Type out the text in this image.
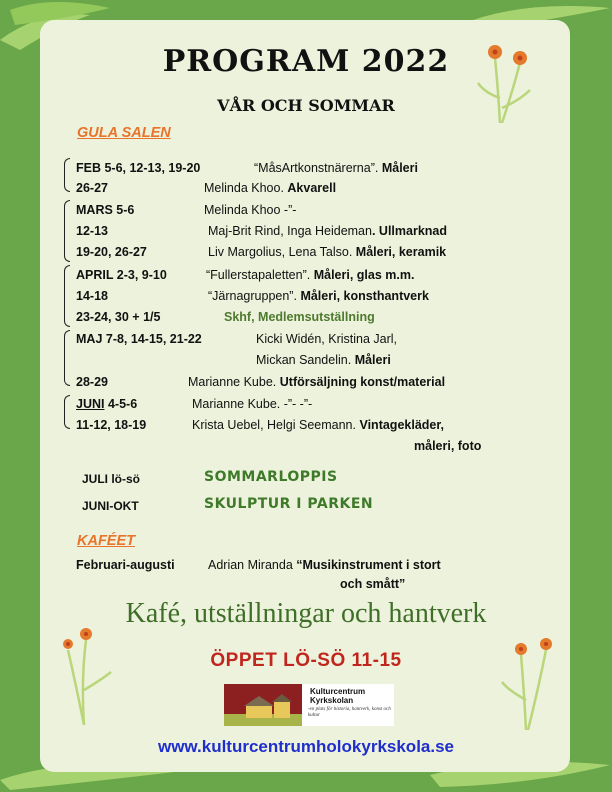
PROGRAM 2022
VÅR OCH SOMMAR
GULA SALEN
FEB 5-6, 12-13, 19-20	“MåsArtkonstnärerna”. Måleri
26-27	Melinda Khoo. Akvarell
MARS 5-6	Melinda Khoo -”-
12-13	Maj-Brit Rind, Inga Heideman. Ullmarknad
19-20, 26-27	Liv Margolius, Lena Talso. Måleri, keramik
APRIL 2-3, 9-10	“Fullerstapaletten”. Måleri, glas m.m.
14-18	“Järnagruppen”. Måleri, konsthantverk
23-24, 30 + 1/5	Skhf, Medlemsutställning
MAJ 7-8, 14-15, 21-22	Kicki Widén, Kristina Jarl,
Mickan Sandelin. Måleri
28-29	Marianne Kube. Utförsäljning konst/material
JUNI 4-5-6	Marianne Kube. -”- -”-
11-12, 18-19	Krista Uebel, Helgi Seemann. Vintagekläder,
måleri, foto
JULI lö-sö	SOMMARLOPPIS
JUNI-OKT	SKULPTUR I PARKEN
KAFÉET
Februari-augusti	Adrian Miranda “Musikinstrument i stort
och smått”
Kafé, utställningar och hantverk
ÖPPET LÖ-SÖ 11-15
Kulturcentrum
Kyrkskolan
-en plats för historia, hantverk, konst och kultur
www.kulturcentrumholokyrkskola.se
